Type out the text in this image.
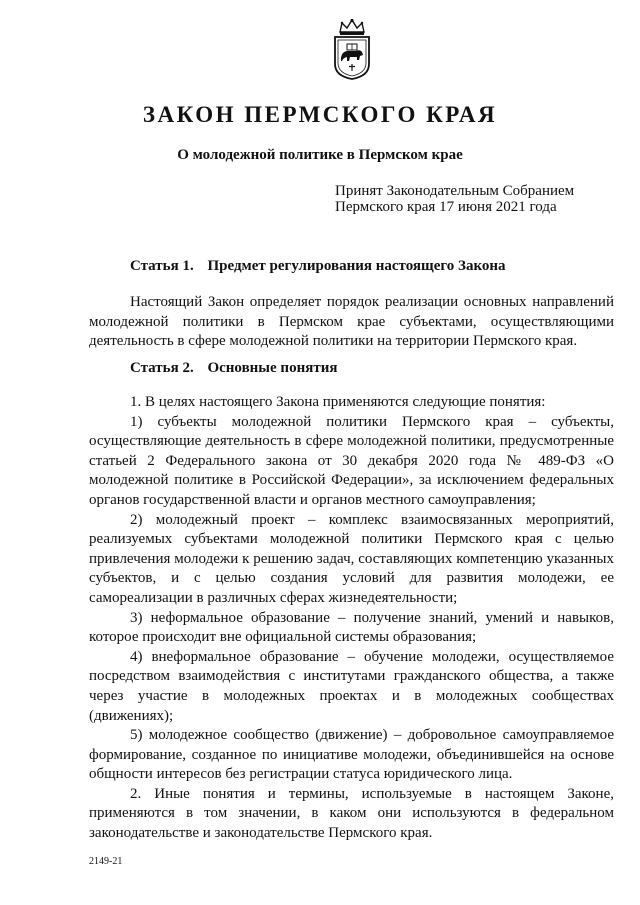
ЗАКОН ПЕРМСКОГО КРАЯ
О молодежной политике в Пермском крае
Принят Законодательным Собранием
Пермского края 17 июня 2021 года
Статья 1. Предмет регулирования настоящего Закона

Настоящий Закон определяет порядок реализации основных направлений молодежной политики в Пермском крае субъектами, осуществляющими деятельность в сфере молодежной политики на территории Пермского края.

Статья 2. Основные понятия

1. В целях настоящего Закона применяются следующие понятия:

1) субъекты молодежной политики Пермского края – субъекты, осуществляющие деятельность в сфере молодежной политики, предусмотренные статьей 2 Федерального закона от 30 декабря 2020 года № 489-ФЗ «О молодежной политике в Российской Федерации», за исключением федеральных органов государственной власти и органов местного самоуправления;

2) молодежный проект – комплекс взаимосвязанных мероприятий, реализуемых субъектами молодежной политики Пермского края с целью привлечения молодежи к решению задач, составляющих компетенцию указанных субъектов, и с целью создания условий для развития молодежи, ее самореализации в различных сферах жизнедеятельности;

3) неформальное образование – получение знаний, умений и навыков, которое происходит вне официальной системы образования;

4) внеформальное образование – обучение молодежи, осуществляемое посредством взаимодействия с институтами гражданского общества, а также через участие в молодежных проектах и в молодежных сообществах (движениях);

5) молодежное сообщество (движение) – добровольное самоуправляемое формирование, созданное по инициативе молодежи, объединившейся на основе общности интересов без регистрации статуса юридического лица.

2. Иные понятия и термины, используемые в настоящем Законе, применяются в том значении, в каком они используются в федеральном законодательстве и законодательстве Пермского края.

2149-21
